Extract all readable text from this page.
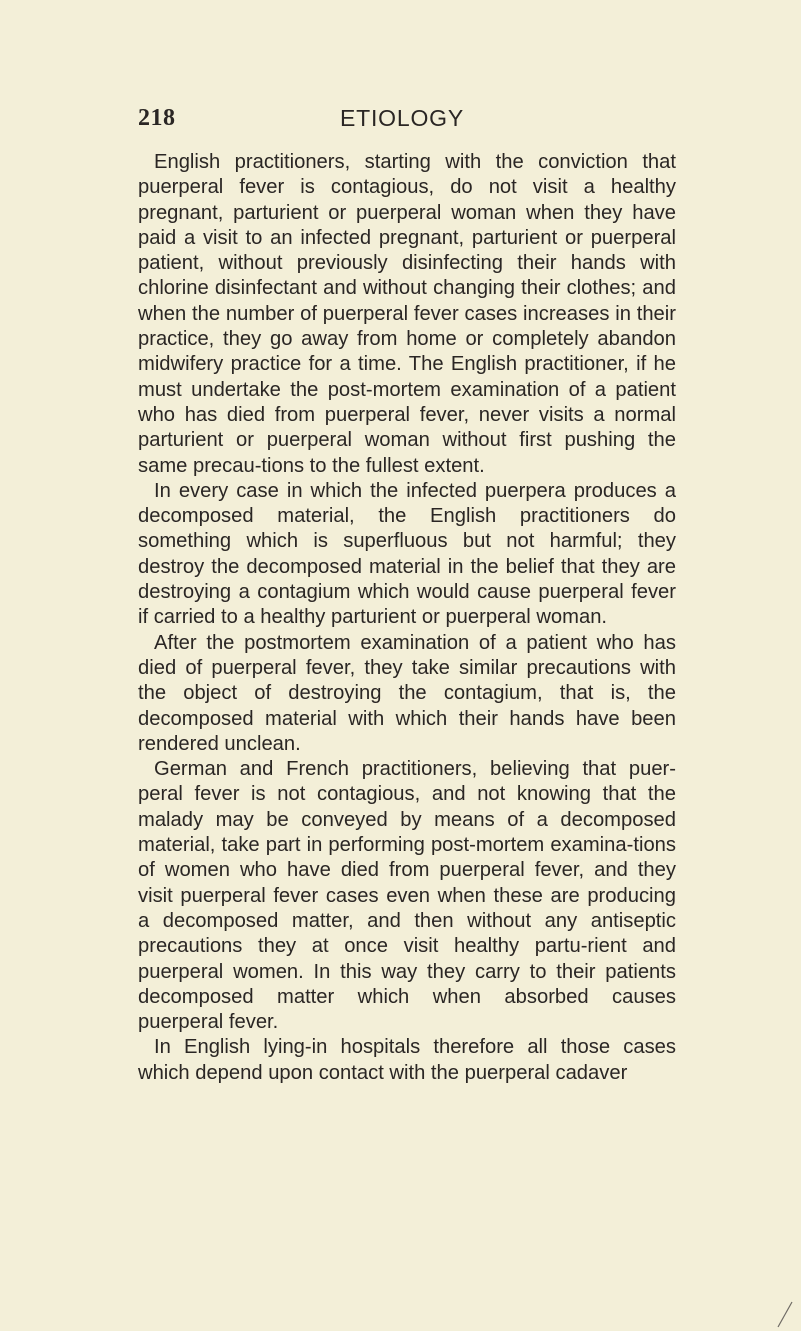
218	ETIOLOGY

English practitioners, starting with the conviction that puerperal fever is contagious, do not visit a healthy pregnant, parturient or puerperal woman when they have paid a visit to an infected pregnant, parturient or puerperal patient, without previously disinfecting their hands with chlorine disinfectant and without changing their clothes; and when the number of puerperal fever cases increases in their practice, they go away from home or completely abandon midwifery practice for a time. The English practitioner, if he must undertake the post-mortem examination of a patient who has died from puerperal fever, never visits a normal parturient or puerperal woman without first pushing the same precau-tions to the fullest extent.

In every case in which the infected puerpera produces a decomposed material, the English practitioners do something which is superfluous but not harmful; they destroy the decomposed material in the belief that they are destroying a contagium which would cause puerperal fever if carried to a healthy parturient or puerperal woman.

After the postmortem examination of a patient who has died of puerperal fever, they take similar precautions with the object of destroying the contagium, that is, the decomposed material with which their hands have been rendered unclean.

German and French practitioners, believing that puer-peral fever is not contagious, and not knowing that the malady may be conveyed by means of a decomposed material, take part in performing post-mortem examina-tions of women who have died from puerperal fever, and they visit puerperal fever cases even when these are producing a decomposed matter, and then without any antiseptic precautions they at once visit healthy partu-rient and puerperal women. In this way they carry to their patients decomposed matter which when absorbed causes puerperal fever.

In English lying-in hospitals therefore all those cases which depend upon contact with the puerperal cadaver
